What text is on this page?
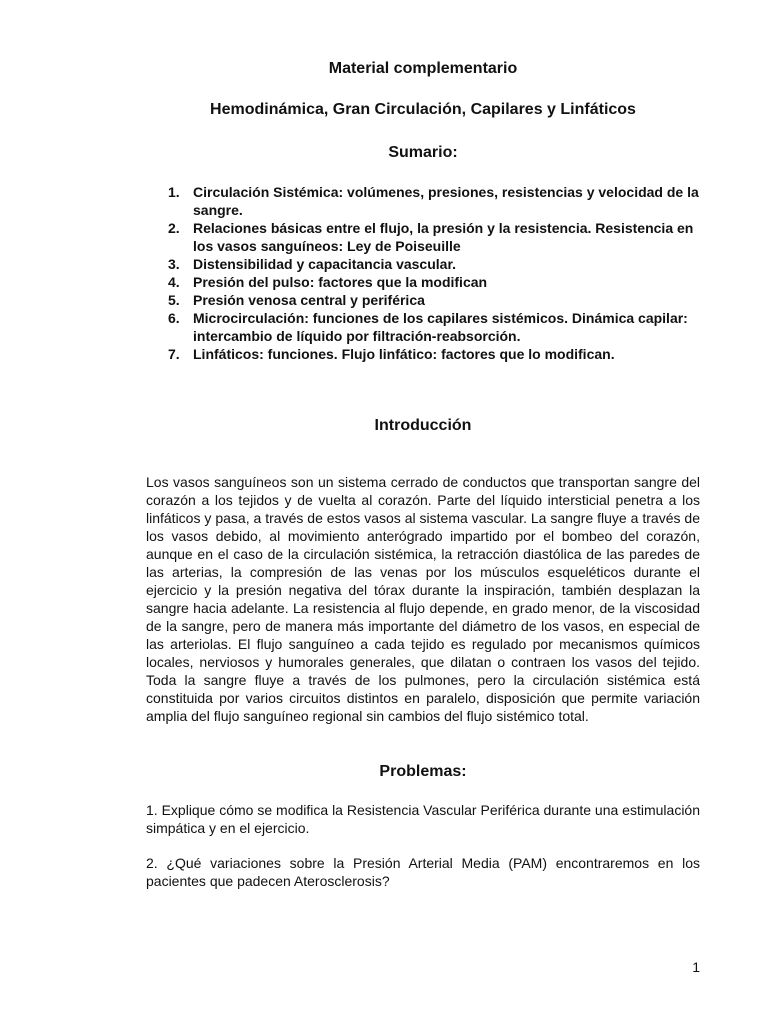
Material complementario
Hemodinámica, Gran Circulación, Capilares y Linfáticos
Sumario:
1. Circulación Sistémica: volúmenes, presiones, resistencias y velocidad de la sangre.
2. Relaciones básicas entre el flujo, la presión y la resistencia. Resistencia en los vasos sanguíneos: Ley de Poiseuille
3. Distensibilidad y capacitancia vascular.
4. Presión del pulso: factores que la modifican
5. Presión venosa central y periférica
6. Microcirculación: funciones de los capilares sistémicos. Dinámica capilar: intercambio de líquido por filtración-reabsorción.
7. Linfáticos: funciones. Flujo linfático: factores que lo modifican.
Introducción

Los vasos sanguíneos son un sistema cerrado de conductos que transportan sangre del corazón a los tejidos y de vuelta al corazón. Parte del líquido intersticial penetra a los linfáticos y pasa, a través de estos vasos al sistema vascular. La sangre fluye a través de los vasos debido, al movimiento anterógrado impartido por el bombeo del corazón, aunque en el caso de la circulación sistémica, la retracción diastólica de las paredes de las arterias, la compresión de las venas por los músculos esqueléticos durante el ejercicio y la presión negativa del tórax durante la inspiración, también desplazan la sangre hacia adelante. La resistencia al flujo depende, en grado menor, de la viscosidad de la sangre, pero de manera más importante del diámetro de los vasos, en especial de las arteriolas. El flujo sanguíneo a cada tejido es regulado por mecanismos químicos locales, nerviosos y humorales generales, que dilatan o contraen los vasos del tejido. Toda la sangre fluye a través de los pulmones, pero la circulación sistémica está constituida por varios circuitos distintos en paralelo, disposición que permite variación amplia del flujo sanguíneo regional sin cambios del flujo sistémico total.

Problemas:

1. Explique cómo se modifica la Resistencia Vascular Periférica durante una estimulación simpática y en el ejercicio.

2. ¿Qué variaciones sobre la Presión Arterial Media (PAM) encontraremos en los pacientes que padecen Aterosclerosis?

1
